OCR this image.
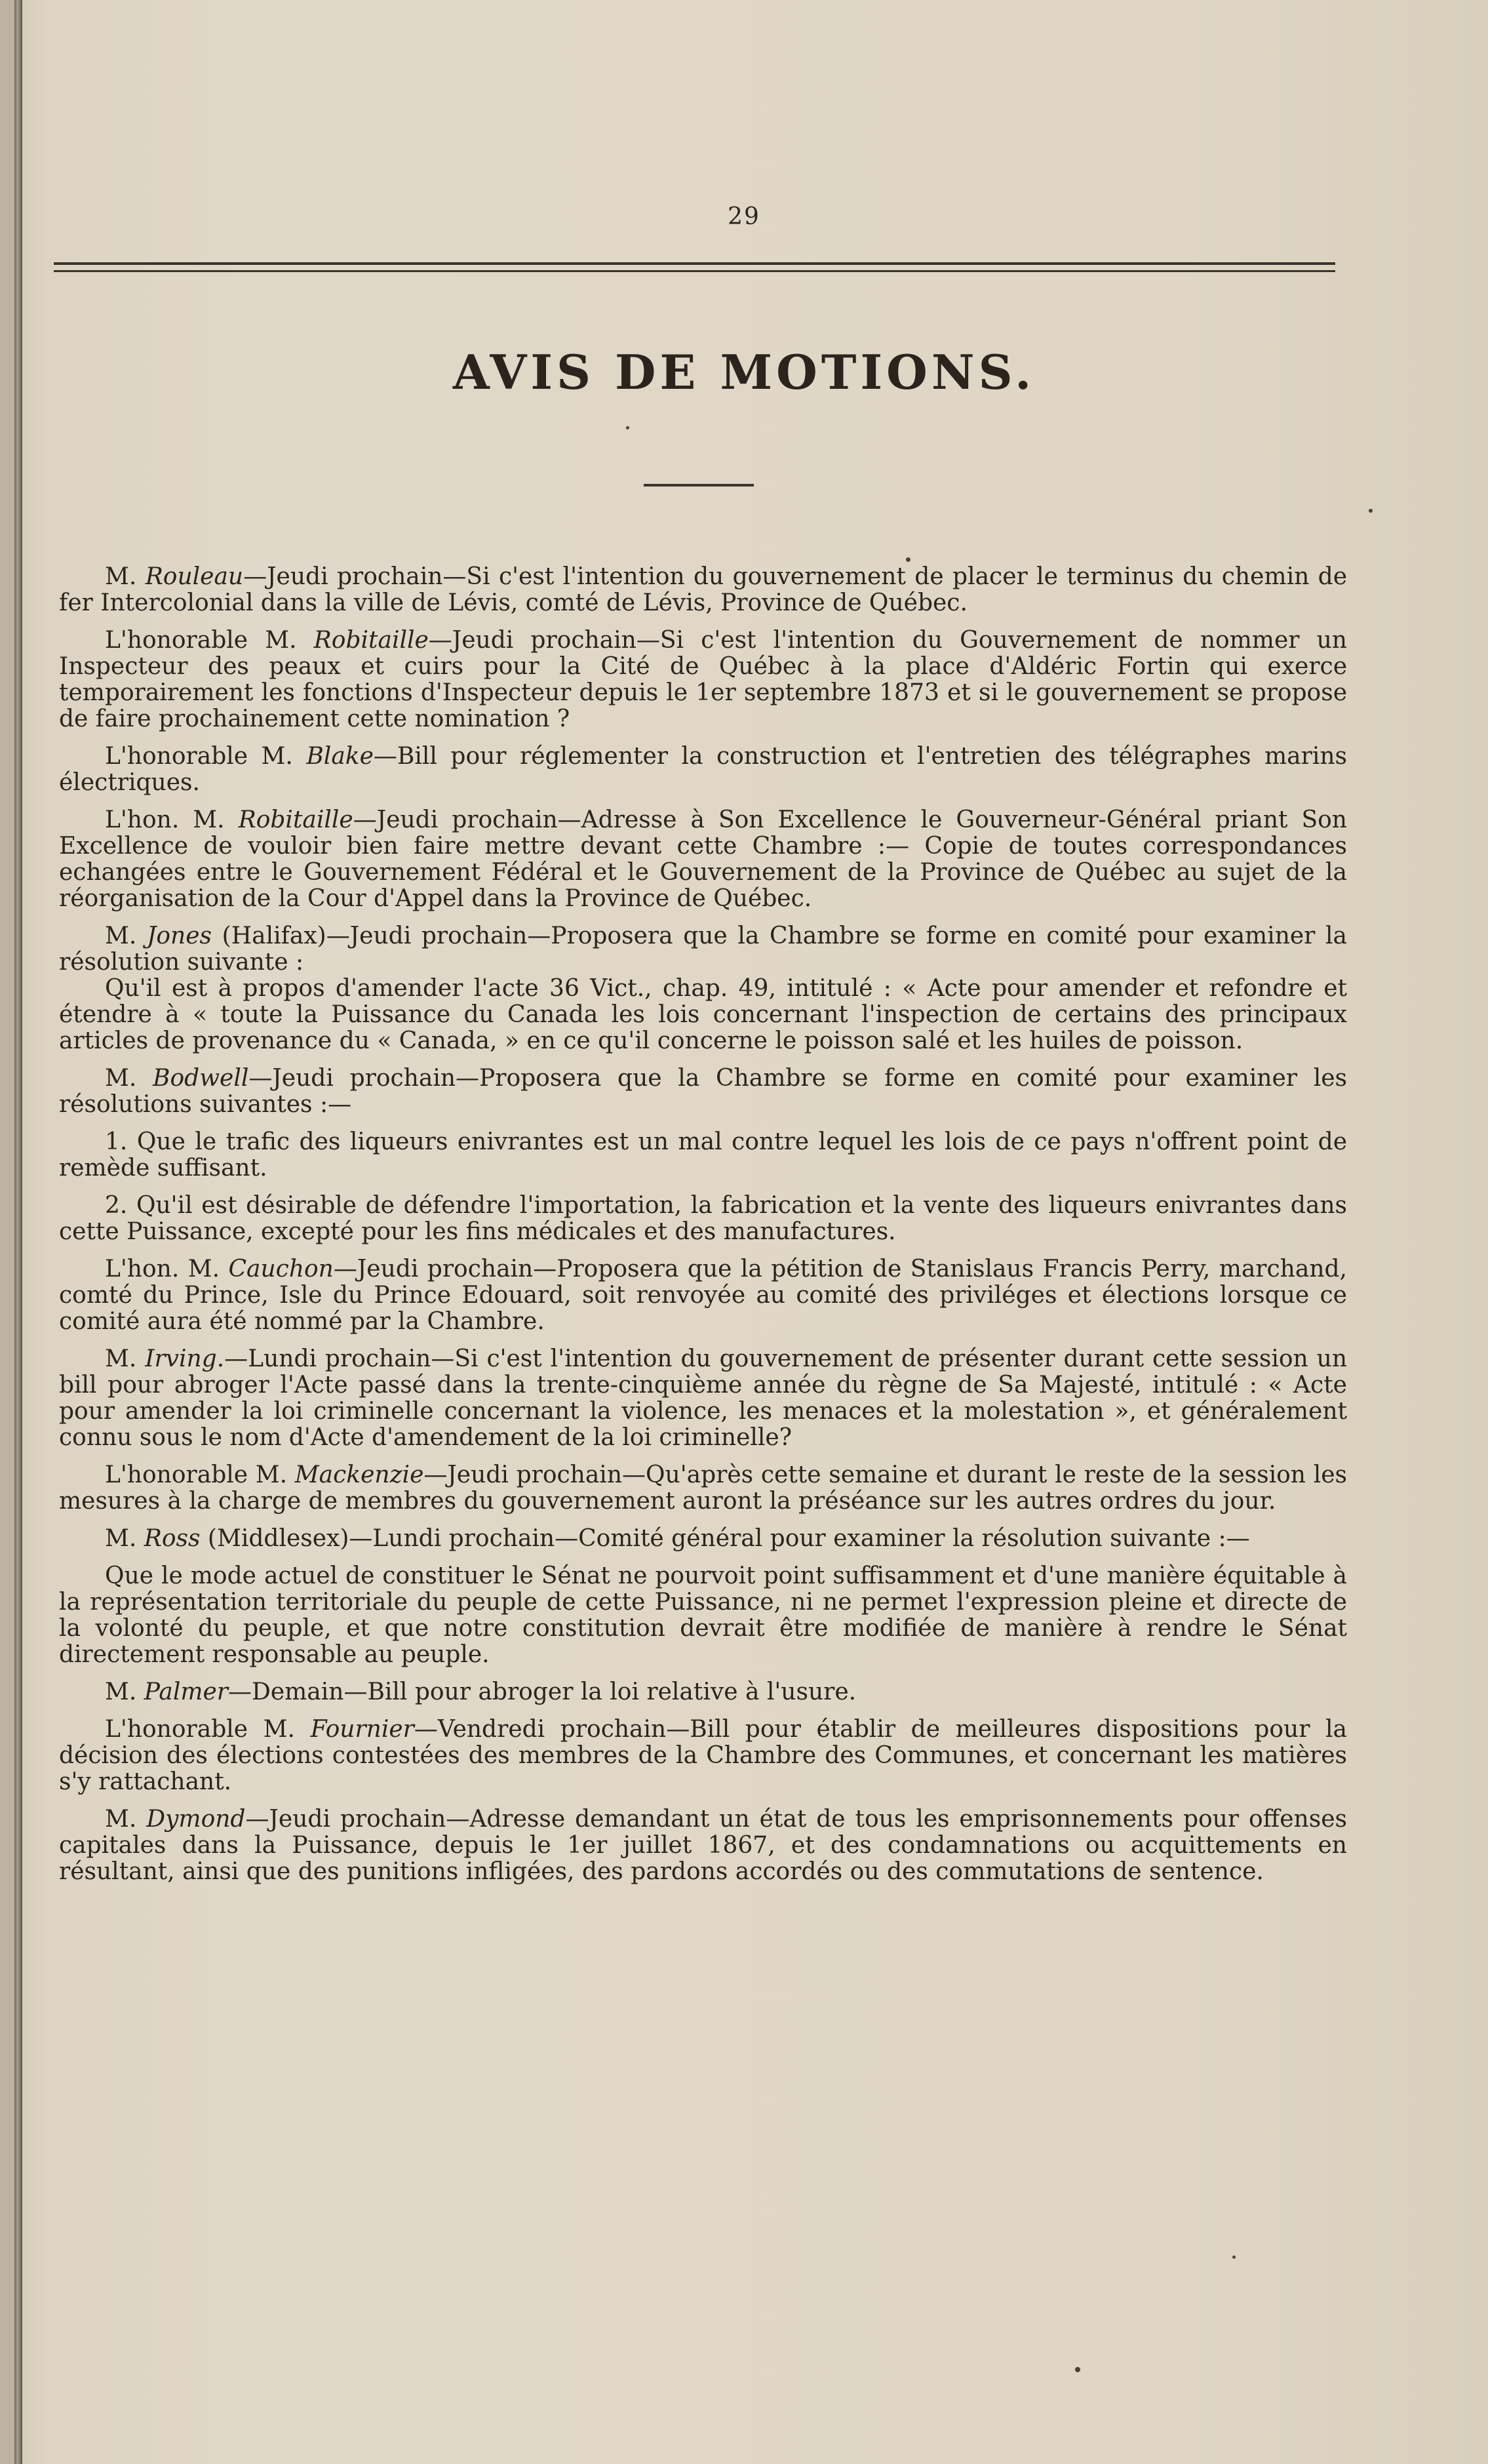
29
AVIS DE MOTIONS.

M. Rouleau—Jeudi prochain—Si c'est l'intention du gouvernement de placer le terminus du chemin de fer Intercolonial dans la ville de Lévis, comté de Lévis, Province de Québec.

L'honorable M. Robitaille—Jeudi prochain—Si c'est l'intention du Gouvernement de nommer un Inspecteur des peaux et cuirs pour la Cité de Québec à la place d'Aldéric Fortin qui exerce temporairement les fonctions d'Inspecteur depuis le 1er septembre 1873 et si le gouvernement se propose de faire prochainement cette nomination ?

L'honorable M. Blake—Bill pour réglementer la construction et l'entretien des télégraphes marins électriques.

L'hon. M. Robitaille—Jeudi prochain—Adresse à Son Excellence le Gouverneur-Général priant Son Excellence de vouloir bien faire mettre devant cette Chambre :— Copie de toutes correspondances echangées entre le Gouvernement Fédéral et le Gouvernement de la Province de Québec au sujet de la réorganisation de la Cour d'Appel dans la Province de Québec.

M. Jones (Halifax)—Jeudi prochain—Proposera que la Chambre se forme en comité pour examiner la résolution suivante :

Qu'il est à propos d'amender l'acte 36 Vict., chap. 49, intitulé : « Acte pour amender et refondre et étendre à « toute la Puissance du Canada les lois concernant l'inspection de certains des principaux articles de provenance du « Canada, » en ce qu'il concerne le poisson salé et les huiles de poisson.

M. Bodwell—Jeudi prochain—Proposera que la Chambre se forme en comité pour examiner les résolutions suivantes :—

1. Que le trafic des liqueurs enivrantes est un mal contre lequel les lois de ce pays n'offrent point de remède suffisant.

2. Qu'il est désirable de défendre l'importation, la fabrication et la vente des liqueurs enivrantes dans cette Puissance, excepté pour les fins médicales et des manufactures.

L'hon. M. Cauchon—Jeudi prochain—Proposera que la pétition de Stanislaus Francis Perry, marchand, comté du Prince, Isle du Prince Edouard, soit renvoyée au comité des priviléges et élections lorsque ce comité aura été nommé par la Chambre.

M. Irving.—Lundi prochain—Si c'est l'intention du gouvernement de présenter durant cette session un bill pour abroger l'Acte passé dans la trente-cinquième année du règne de Sa Majesté, intitulé : « Acte pour amender la loi criminelle concernant la violence, les menaces et la molestation », et généralement connu sous le nom d'Acte d'amendement de la loi criminelle?

L'honorable M. Mackenzie—Jeudi prochain—Qu'après cette semaine et durant le reste de la session les mesures à la charge de membres du gouvernement auront la préséance sur les autres ordres du jour.

M. Ross (Middlesex)—Lundi prochain—Comité général pour examiner la résolution suivante :—

Que le mode actuel de constituer le Sénat ne pourvoit point suffisamment et d'une manière équitable à la représentation territoriale du peuple de cette Puissance, ni ne permet l'expression pleine et directe de la volonté du peuple, et que notre constitution devrait être modifiée de manière à rendre le Sénat directement responsable au peuple.

M. Palmer—Demain—Bill pour abroger la loi relative à l'usure.

L'honorable M. Fournier—Vendredi prochain—Bill pour établir de meilleures dispositions pour la décision des élections contestées des membres de la Chambre des Communes, et concernant les matières s'y rattachant.

M. Dymond—Jeudi prochain—Adresse demandant un état de tous les emprisonnements pour offenses capitales dans la Puissance, depuis le 1er juillet 1867, et des condamnations ou acquittements en résultant, ainsi que des punitions infligées, des pardons accordés ou des commutations de sentence.
